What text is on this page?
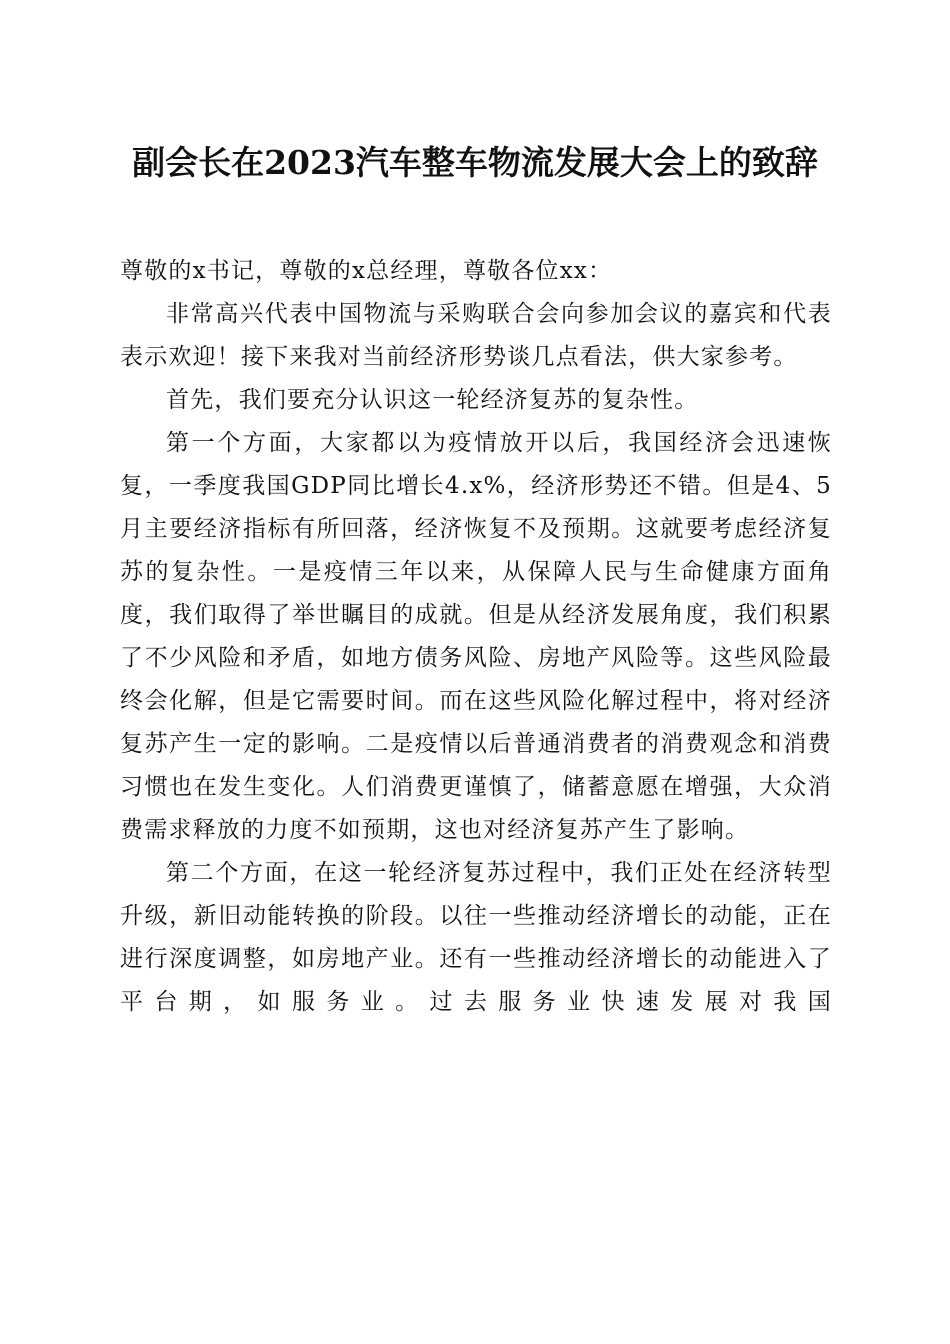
副会长在2023汽车整车物流发展大会上的致辞

尊敬的x书记，尊敬的x总经理，尊敬各位xx：

非常高兴代表中国物流与采购联合会向参加会议的嘉宾和代表表示欢迎！接下来我对当前经济形势谈几点看法，供大家参考。

首先，我们要充分认识这一轮经济复苏的复杂性。

第一个方面，大家都以为疫情放开以后，我国经济会迅速恢复，一季度我国GDP同比增长4.x%，经济形势还不错。但是4、5月主要经济指标有所回落，经济恢复不及预期。这就要考虑经济复苏的复杂性。一是疫情三年以来，从保障人民与生命健康方面角度，我们取得了举世瞩目的成就。但是从经济发展角度，我们积累了不少风险和矛盾，如地方债务风险、房地产风险等。这些风险最终会化解，但是它需要时间。而在这些风险化解过程中，将对经济复苏产生一定的影响。二是疫情以后普通消费者的消费观念和消费习惯也在发生变化。人们消费更谨慎了，储蓄意愿在增强，大众消费需求释放的力度不如预期，这也对经济复苏产生了影响。

第二个方面，在这一轮经济复苏过程中，我们正处在经济转型升级，新旧动能转换的阶段。以往一些推动经济增长的动能，正在进行深度调整，如房地产业。还有一些推动经济增长的动能进入了平台期，如服务业。过去服务业快速发展对我国
